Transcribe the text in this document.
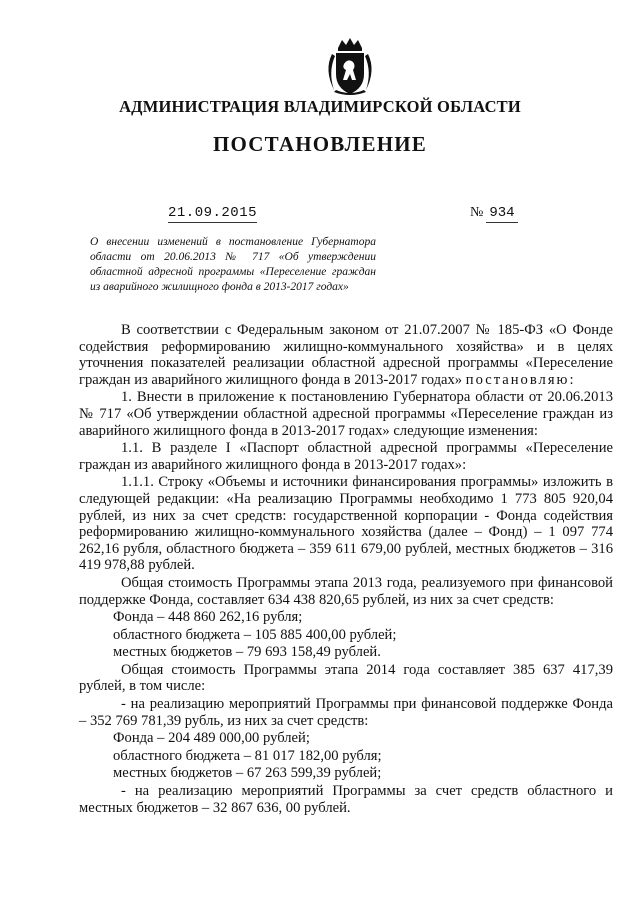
АДМИНИСТРАЦИЯ ВЛАДИМИРСКОЙ ОБЛАСТИ
ПОСТАНОВЛЕНИЕ
21.09.2015	№ 934

О внесении изменений в постановление Губернатора области от 20.06.2013 № 717 «Об утверждении областной адресной программы «Переселение граждан из аварийного жилищного фонда в 2013-2017 годах»

В соответствии с Федеральным законом от 21.07.2007 № 185-ФЗ «О Фонде содействия реформированию жилищно-коммунального хозяйства» и в целях уточнения показателей реализации областной адресной программы «Переселение граждан из аварийного жилищного фонда в 2013-2017 годах» постановляю:

1. Внести в приложение к постановлению Губернатора области от 20.06.2013 № 717 «Об утверждении областной адресной программы «Переселение граждан из аварийного жилищного фонда в 2013-2017 годах» следующие изменения:

1.1. В разделе I «Паспорт областной адресной программы «Переселение граждан из аварийного жилищного фонда в 2013-2017 годах»:

1.1.1. Строку «Объемы и источники финансирования программы» изложить в следующей редакции: «На реализацию Программы необходимо 1 773 805 920,04 рублей, из них за счет средств: государственной корпорации - Фонда содействия реформированию жилищно-коммунального хозяйства (далее – Фонд) – 1 097 774 262,16 рубля, областного бюджета – 359 611 679,00 рублей, местных бюджетов – 316 419 978,88 рублей.

Общая стоимость Программы этапа 2013 года, реализуемого при финансовой поддержке Фонда, составляет 634 438 820,65 рублей, из них за счет средств:

Фонда – 448 860 262,16 рубля;

областного бюджета – 105 885 400,00 рублей;

местных бюджетов – 79 693 158,49 рублей.

Общая стоимость Программы этапа 2014 года составляет 385 637 417,39 рублей, в том числе:

- на реализацию мероприятий Программы при финансовой поддержке Фонда – 352 769 781,39 рубль, из них за счет средств:

Фонда – 204 489 000,00 рублей;

областного бюджета – 81 017 182,00 рубля;

местных бюджетов – 67 263 599,39 рублей;

- на реализацию мероприятий Программы за счет средств областного и местных бюджетов – 32 867 636, 00 рублей.
